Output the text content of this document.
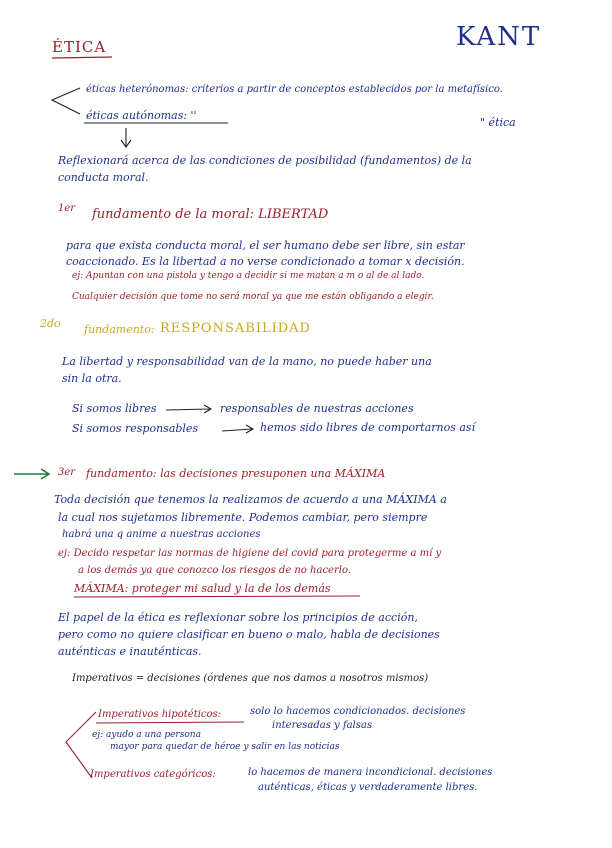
ÉTICA	KANT
éticas heterónomas: criterios a partir de conceptos establecidos por la metafísico.
éticas autónomas: ''
" ética
Reflexionará acerca de las condiciones de posibilidad (fundamentos) de la
conducta moral.
1er fundamento de la moral: LIBERTAD
para que exista conducta moral, el ser humano debe ser libre, sin estar
coaccionado. Es la libertad a no verse condicionado a tomar x decisión.
ej: Apuntan con una pistola y tengo a decidir si me matan a m o al de al lado.
Cualquier decisión que tome no será moral ya que me están obligando a elegir.
2do fundamento: RESPONSABILIDAD
La libertad y responsabilidad van de la mano, no puede haber una
sin la otra.
Si somos libres	responsables de nuestras acciones
Si somos responsables	hemos sido libres de comportarnos así
3er fundamento: las decisiones presuponen una MÁXIMA
Toda decisión que tenemos la realizamos de acuerdo a una MÁXIMA a
la cual nos sujetamos libremente. Podemos cambiar, pero siempre
habrá una q anime a nuestras acciones
ej: Decido respetar las normas de higiene del covid para protegerme a mí y
a los demás ya que conozco los riesgos de no hacerlo.
MÁXIMA: proteger mi salud y la de los demás
El papel de la ética es reflexionar sobre los principios de acción,
pero como no quiere clasificar en bueno o malo, habla de decisiones
auténticas e inauténticas.
Imperativos = decisiones (órdenes que nos damos a nosotros mismos)
Imperativos hipotéticos:	solo lo hacemos condicionados. decisiones
interesadas y falsas
ej: ayudo a una persona
mayor para quedar de héroe y salir en las noticias
Imperativos categóricos:	lo hacemos de manera incondicional. decisiones
auténticas, éticas y verdaderamente libres.
